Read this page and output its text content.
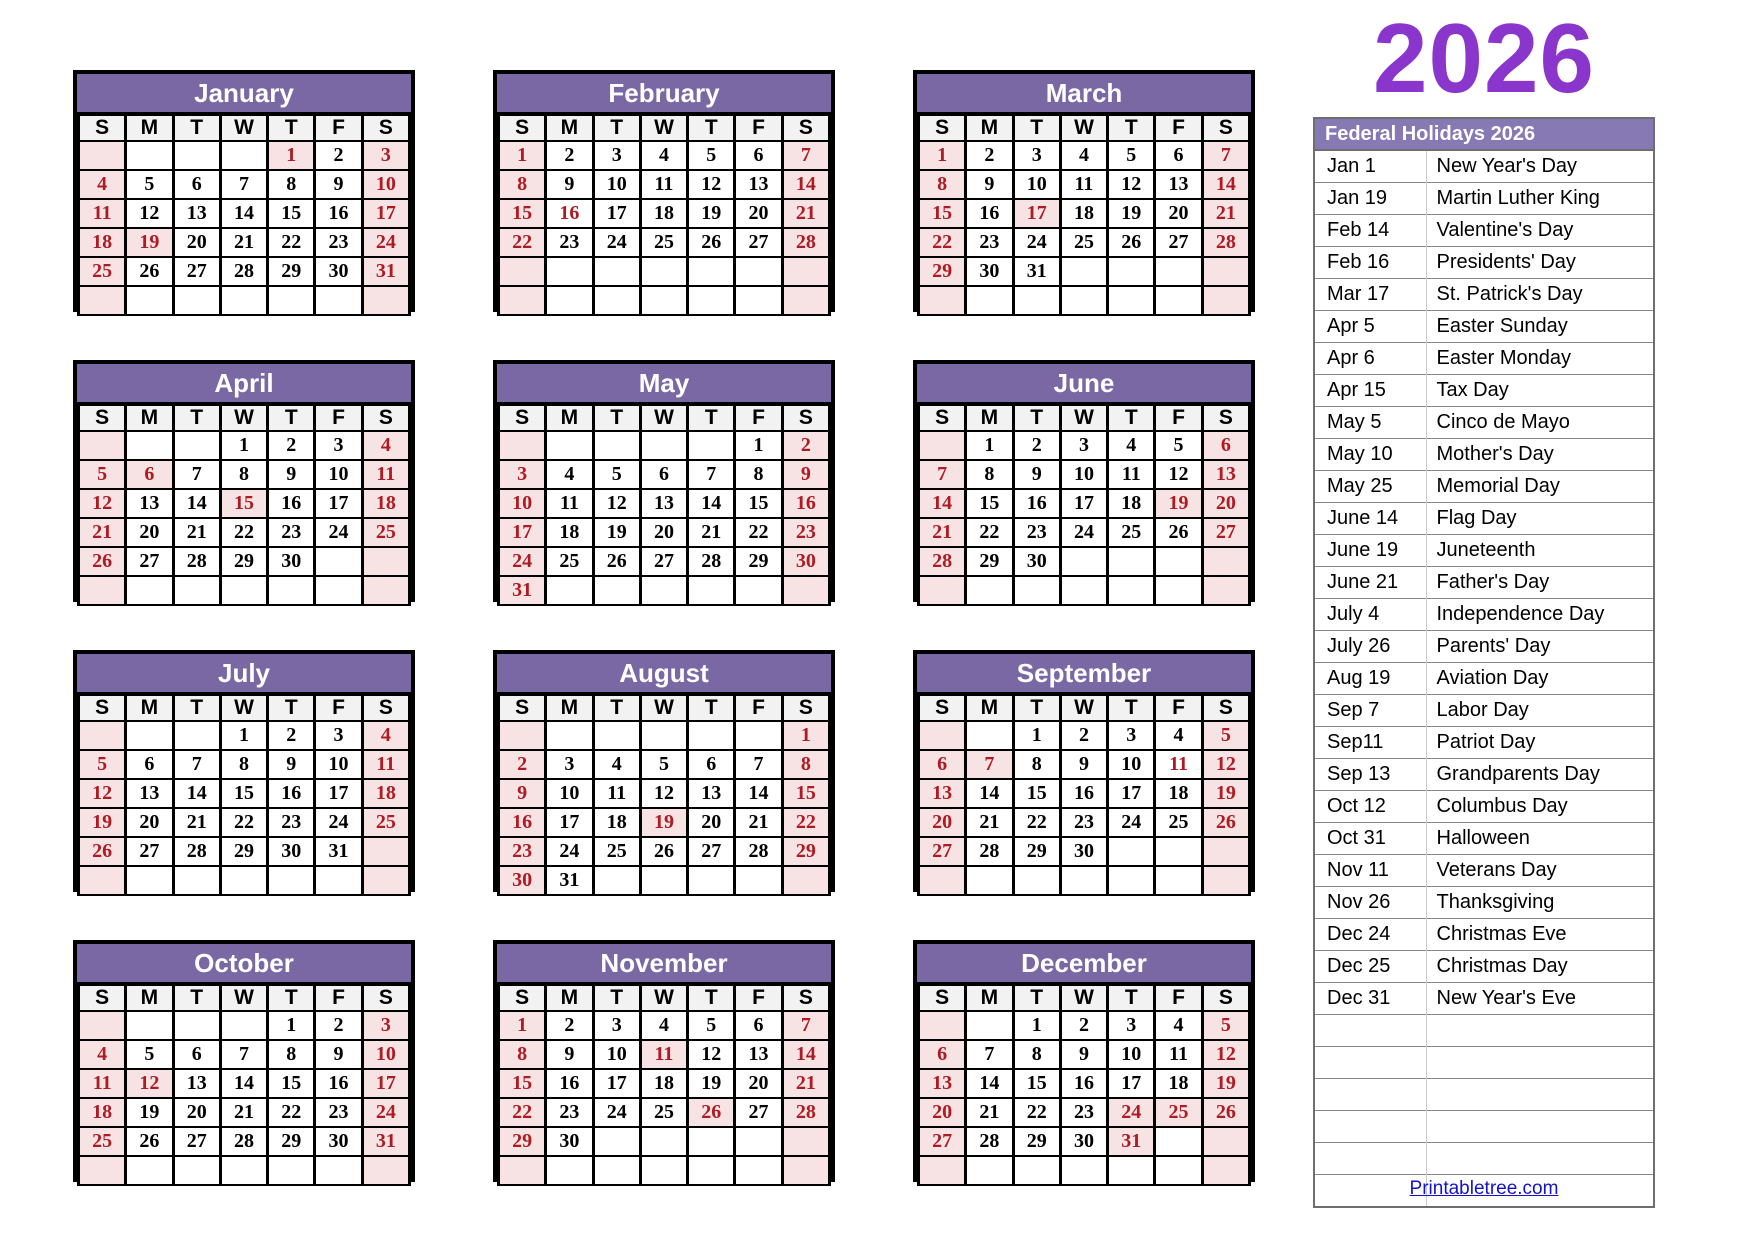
2026
January
S	M	T	W	T	F	S
				1	2	3
4	5	6	7	8	9	10
11	12	13	14	15	16	17
18	19	20	21	22	23	24
25	26	27	28	29	30	31

February
S	M	T	W	T	F	S
1	2	3	4	5	6	7
8	9	10	11	12	13	14
15	16	17	18	19	20	21
22	23	24	25	26	27	28

March
S	M	T	W	T	F	S
1	2	3	4	5	6	7
8	9	10	11	12	13	14
15	16	17	18	19	20	21
22	23	24	25	26	27	28
29	30	31				

April
S	M	T	W	T	F	S
			1	2	3	4
5	6	7	8	9	10	11
12	13	14	15	16	17	18
21	20	21	22	23	24	25
26	27	28	29	30		

May
S	M	T	W	T	F	S
					1	2
3	4	5	6	7	8	9
10	11	12	13	14	15	16
17	18	19	20	21	22	23
24	25	26	27	28	29	30
31						
June
S	M	T	W	T	F	S
	1	2	3	4	5	6
7	8	9	10	11	12	13
14	15	16	17	18	19	20
21	22	23	24	25	26	27
28	29	30				

July
S	M	T	W	T	F	S
			1	2	3	4
5	6	7	8	9	10	11
12	13	14	15	16	17	18
19	20	21	22	23	24	25
26	27	28	29	30	31	

August
S	M	T	W	T	F	S
						1
2	3	4	5	6	7	8
9	10	11	12	13	14	15
16	17	18	19	20	21	22
23	24	25	26	27	28	29
30	31					
September
S	M	T	W	T	F	S
		1	2	3	4	5
6	7	8	9	10	11	12
13	14	15	16	17	18	19
20	21	22	23	24	25	26
27	28	29	30			

October
S	M	T	W	T	F	S
				1	2	3
4	5	6	7	8	9	10
11	12	13	14	15	16	17
18	19	20	21	22	23	24
25	26	27	28	29	30	31

November
S	M	T	W	T	F	S
1	2	3	4	5	6	7
8	9	10	11	12	13	14
15	16	17	18	19	20	21
22	23	24	25	26	27	28
29	30					

December
S	M	T	W	T	F	S
		1	2	3	4	5
6	7	8	9	10	11	12
13	14	15	16	17	18	19
20	21	22	23	24	25	26
27	28	29	30	31		

Federal Holidays 2026	
Jan 1	New Year's Day
Jan 19	Martin Luther King
Feb 14	Valentine's Day
Feb 16	Presidents' Day
Mar 17	St. Patrick's Day
Apr 5	Easter Sunday
Apr 6	Easter Monday
Apr 15	Tax Day
May 5	Cinco de Mayo
May 10	Mother's Day
May 25	Memorial Day
June 14	Flag Day
June 19	Juneteenth
June 21	Father's Day
July 4	Independence Day
July 26	Parents' Day
Aug 19	Aviation Day
Sep 7	Labor Day
Sep11	Patriot Day
Sep 13	Grandparents Day
Oct 12	Columbus Day
Oct 31	Halloween
Nov 11	Veterans Day
Nov 26	Thanksgiving
Dec 24	Christmas Eve
Dec 25	Christmas Day
Dec 31	New Year's Eve

Printabletree.com
